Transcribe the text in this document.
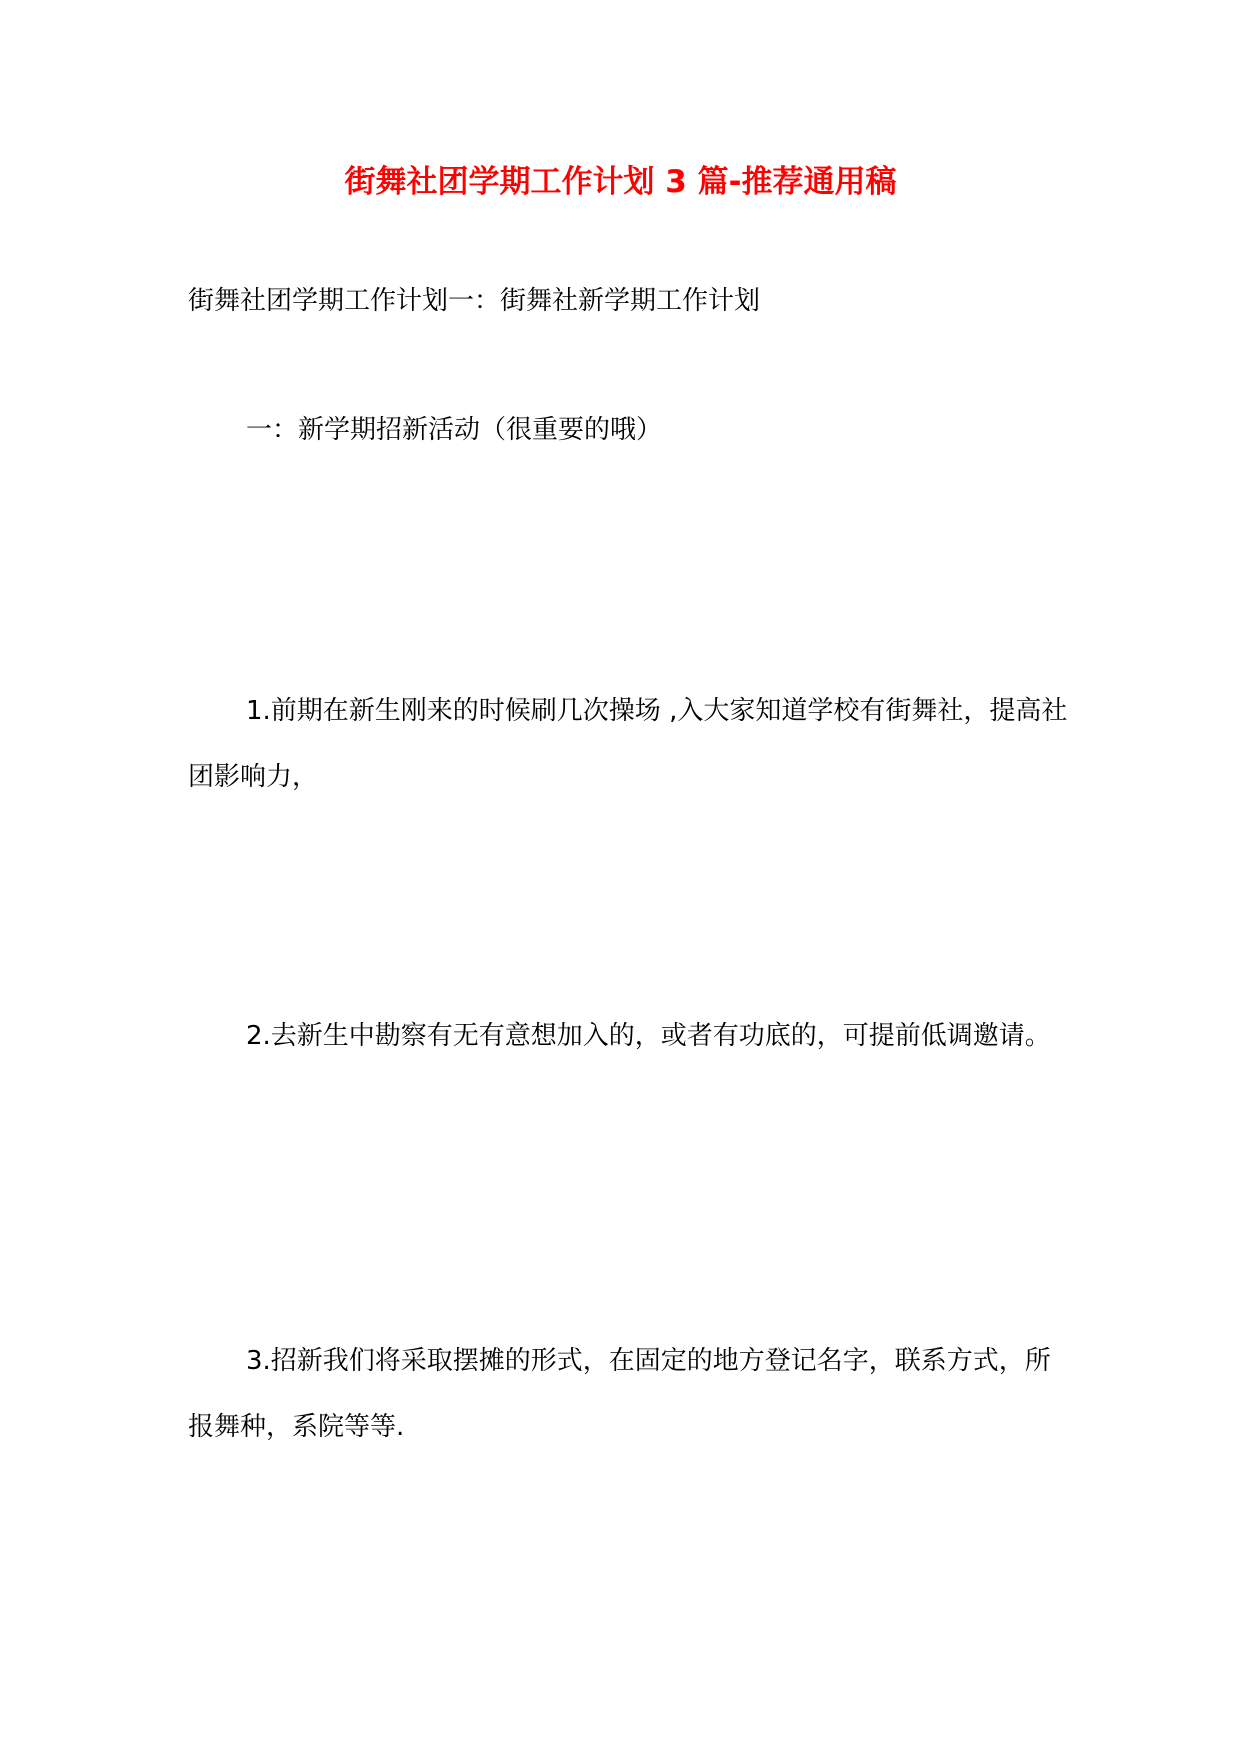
街舞社团学期工作计划 3 篇-推荐通用稿

街舞社团学期工作计划一：街舞社新学期工作计划

一：新学期招新活动（很重要的哦）

1.前期在新生刚来的时候刷几次操场 ,入大家知道学校有街舞社，提高社团影响力，

2.去新生中勘察有无有意想加入的，或者有功底的，可提前低调邀请。

3.招新我们将采取摆摊的形式，在固定的地方登记名字，联系方式，所报舞种，系院等等.
